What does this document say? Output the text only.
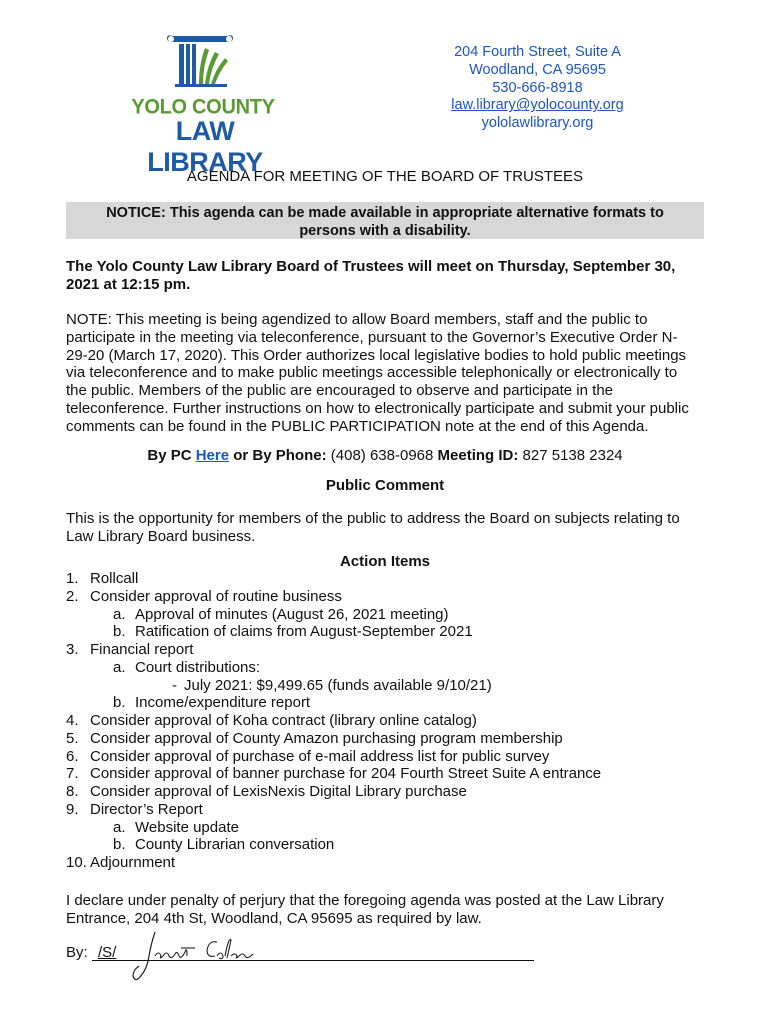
YOLO COUNTY
LAW LIBRARY
204 Fourth Street, Suite A
Woodland, CA 95695
530-666-8918
law.library@yolocounty.org
yololawlibrary.org
AGENDA FOR MEETING OF THE BOARD OF TRUSTEES
NOTICE: This agenda can be made available in appropriate alternative formats to
persons with a disability.
The Yolo County Law Library Board of Trustees will meet on Thursday, September 30,
2021 at 12:15 pm.
NOTE: This meeting is being agendized to allow Board members, staff and the public to
participate in the meeting via teleconference, pursuant to the Governor’s Executive Order N-
29-20 (March 17, 2020). This Order authorizes local legislative bodies to hold public meetings
via teleconference and to make public meetings accessible telephonically or electronically to
the public. Members of the public are encouraged to observe and participate in the
teleconference. Further instructions on how to electronically participate and submit your public
comments can be found in the PUBLIC PARTICIPATION note at the end of this Agenda.
By PC Here or By Phone: (408) 638-0968 Meeting ID: 827 5138 2324
Public Comment
This is the opportunity for members of the public to address the Board on subjects relating to
Law Library Board business.
Action Items
1. Rollcall
2. Consider approval of routine business
a. Approval of minutes (August 26, 2021 meeting)
b. Ratification of claims from August-September 2021
3. Financial report
a. Court distributions:
- July 2021: $9,499.65 (funds available 9/10/21)
b. Income/expenditure report
4. Consider approval of Koha contract (library online catalog)
5. Consider approval of County Amazon purchasing program membership
6. Consider approval of purchase of e-mail address list for public survey
7. Consider approval of banner purchase for 204 Fourth Street Suite A entrance
8. Consider approval of LexisNexis Digital Library purchase
9. Director’s Report
a. Website update
b. County Librarian conversation
10. Adjournment
I declare under penalty of perjury that the foregoing agenda was posted at the Law Library
Entrance, 204 4th St, Woodland, CA 95695 as required by law.
By: /S/
